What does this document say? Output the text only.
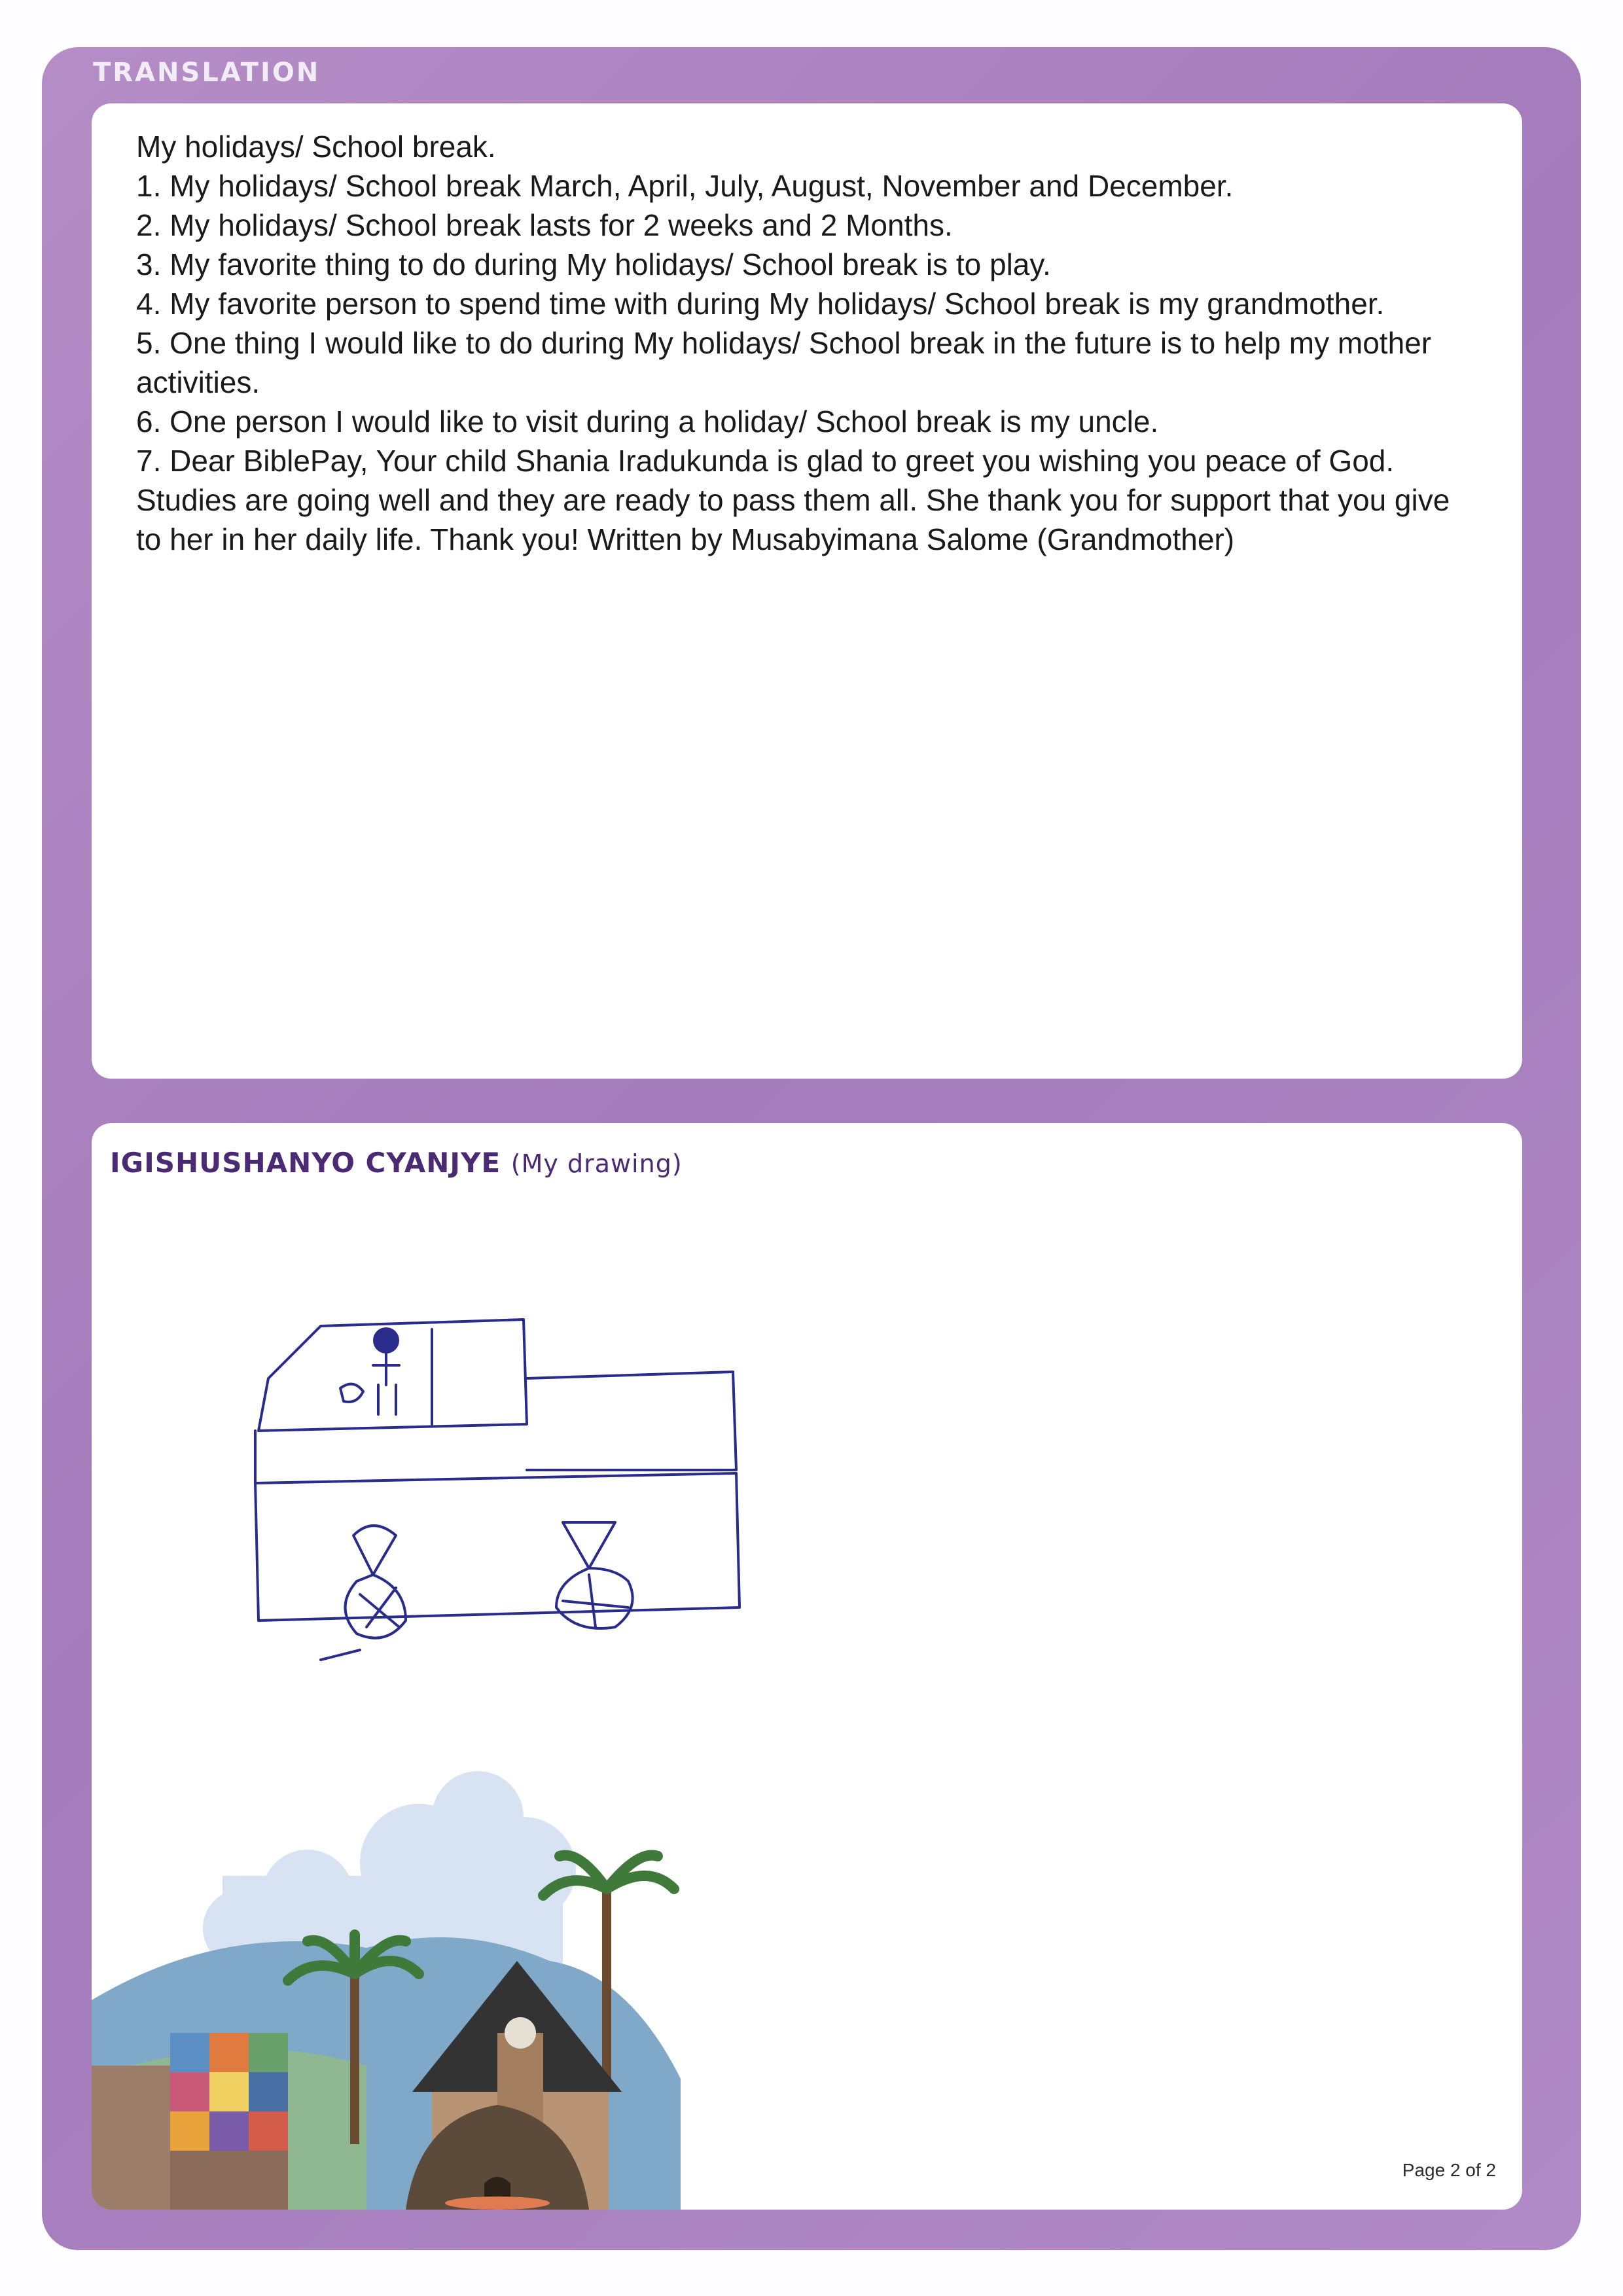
TRANSLATION

My holidays/ School break.

1. My holidays/ School break March, April, July, August, November and December.

2. My holidays/ School break lasts for 2 weeks and 2 Months.

3. My favorite thing to do during My holidays/ School break is to play.

4. My favorite person to spend time with during My holidays/ School break is my grandmother.

5. One thing I would like to do during My holidays/ School break in the future is to help my mother activities.

6. One person I would like to visit during a holiday/ School break is my uncle.

7. Dear BiblePay, Your child Shania Iradukunda is glad to greet you wishing you peace of God. Studies are going well and they are ready to pass them all. She thank you for support that you give to her in her daily life. Thank you! Written by Musabyimana Salome (Grandmother)

IGISHUSHANYO CYANJYE (My drawing)
Page 2 of 2
